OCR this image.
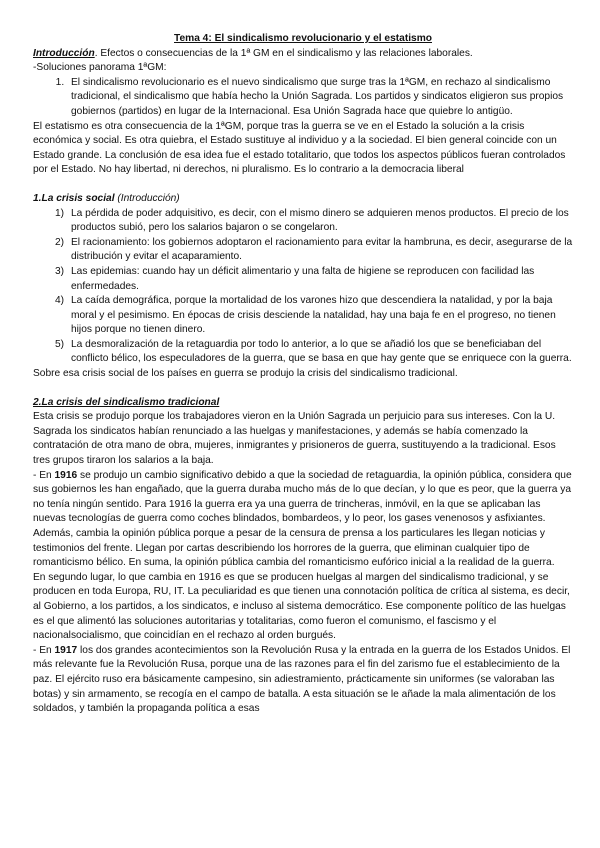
Tema 4: El sindicalismo revolucionario y el estatismo

Introducción. Efectos o consecuencias de la 1ª GM en el sindicalismo y las relaciones laborales.

-Soluciones panorama 1ªGM:

1. El sindicalismo revolucionario es el nuevo sindicalismo que surge tras la 1ªGM, en rechazo al sindicalismo tradicional, el sindicalismo que había hecho la Unión Sagrada. Los partidos y sindicatos eligieron sus propios gobiernos (partidos) en lugar de la Internacional. Esa Unión Sagrada hace que quiebre lo antigüo.

El estatismo es otra consecuencia de la 1ªGM, porque tras la guerra se ve en el Estado la solución a la crisis económica y social. Es otra quiebra, el Estado sustituye al individuo y a la sociedad. El bien general coincide con un Estado grande. La conclusión de esa idea fue el estado totalitario, que todos los aspectos públicos fueran controlados por el Estado. No hay libertad, ni derechos, ni pluralismo. Es lo contrario a la democracia liberal

1.La crisis social (Introducción)

1) La pérdida de poder adquisitivo, es decir, con el mismo dinero se adquieren menos productos. El precio de los productos subió, pero los salarios bajaron o se congelaron.
2) El racionamiento: los gobiernos adoptaron el racionamiento para evitar la hambruna, es decir, asegurarse de la distribución y evitar el acaparamiento.
3) Las epidemias: cuando hay un déficit alimentario y una falta de higiene se reproducen con facilidad las enfermedades.
4) La caída demográfica, porque la mortalidad de los varones hizo que descendiera la natalidad, y por la baja moral y el pesimismo. En épocas de crisis desciende la natalidad, hay una baja fe en el progreso, no tienen hijos porque no tienen dinero.
5) La desmoralización de la retaguardia por todo lo anterior, a lo que se añadió los que se beneficiaban del conflicto bélico, los especuladores de la guerra, que se basa en que hay gente que se enriquece con la guerra.

Sobre esa crisis social de los países en guerra se produjo la crisis del sindicalismo tradicional.

2.La crisis del sindicalismo tradicional

Esta crisis se produjo porque los trabajadores vieron en la Unión Sagrada un perjuicio para sus intereses. Con la U. Sagrada los sindicatos habían renunciado a las huelgas y manifestaciones, y además se había comenzado la contratación de otra mano de obra, mujeres, inmigrantes y prisioneros de guerra, sustituyendo a la tradicional. Esos tres grupos tiraron los salarios a la baja.

- En 1916 se produjo un cambio significativo debido a que la sociedad de retaguardia, la opinión pública, considera que sus gobiernos les han engañado, que la guerra duraba mucho más de lo que decían, y lo que es peor, que la guerra ya no tenía ningún sentido. Para 1916 la guerra era ya una guerra de trincheras, inmóvil, en la que se aplicaban las nuevas tecnologías de guerra como coches blindados, bombardeos, y lo peor, los gases venenosos y asfixiantes. Además, cambia la opinión pública porque a pesar de la censura de prensa a los particulares les llegan noticias y testimonios del frente. Llegan por cartas describiendo los horrores de la guerra, que eliminan cualquier tipo de romanticismo bélico. En suma, la opinión pública cambia del romanticismo eufórico inicial a la realidad de la guerra.

En segundo lugar, lo que cambia en 1916 es que se producen huelgas al margen del sindicalismo tradicional, y se producen en toda Europa, RU, IT. La peculiaridad es que tienen una connotación política de crítica al sistema, es decir, al Gobierno, a los partidos, a los sindicatos, e incluso al sistema democrático. Ese componente político de las huelgas es el que alimentó las soluciones autoritarias y totalitarias, como fueron el comunismo, el fascismo y el nacionalsocialismo, que coincidían en el rechazo al orden burgués.

- En 1917 los dos grandes acontecimientos son la Revolución Rusa y la entrada en la guerra de los Estados Unidos. El más relevante fue la Revolución Rusa, porque una de las razones para el fin del zarismo fue el establecimiento de la paz. El ejército ruso era básicamente campesino, sin adiestramiento, prácticamente sin uniformes (se valoraban las botas) y sin armamento, se recogía en el campo de batalla. A esta situación se le añade la mala alimentación de los soldados, y también la propaganda política a esas
